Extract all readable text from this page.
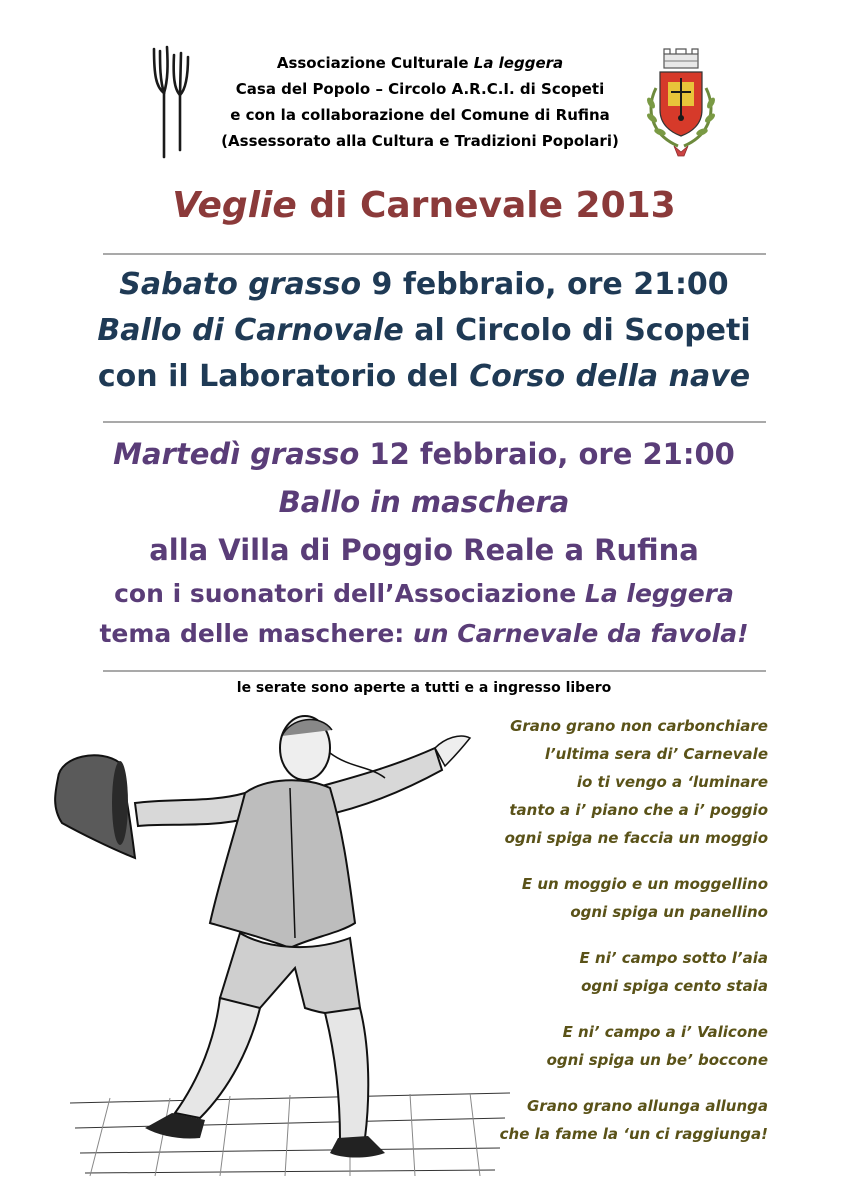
Associazione Culturale La leggera
Casa del Popolo – Circolo A.R.C.I. di Scopeti
e con la collaborazione del Comune di Rufina
(Assessorato alla Cultura e Tradizioni Popolari)
Veglie di Carnevale 2013
Sabato grasso 9 febbraio, ore 21:00
Ballo di Carnovale al Circolo di Scopeti
con il Laboratorio del Corso della nave
Martedì grasso 12 febbraio, ore 21:00
Ballo in maschera
alla Villa di Poggio Reale a Rufina
con i suonatori dell’Associazione La leggera
tema delle maschere: un Carnevale da favola!
le serate sono aperte a tutti e a ingresso libero
Grano grano non carbonchiare
l’ultima sera di’ Carnevale
io ti vengo a ‘luminare
tanto a i’ piano che a i’ poggio
ogni spiga ne faccia un moggio
E un moggio e un moggellino
ogni spiga un panellino
E ni’ campo sotto l’aia
ogni spiga cento staia
E ni’ campo a i’ Valicone
ogni spiga un be’ boccone
Grano grano allunga allunga
che la fame la ‘un ci raggiunga!
